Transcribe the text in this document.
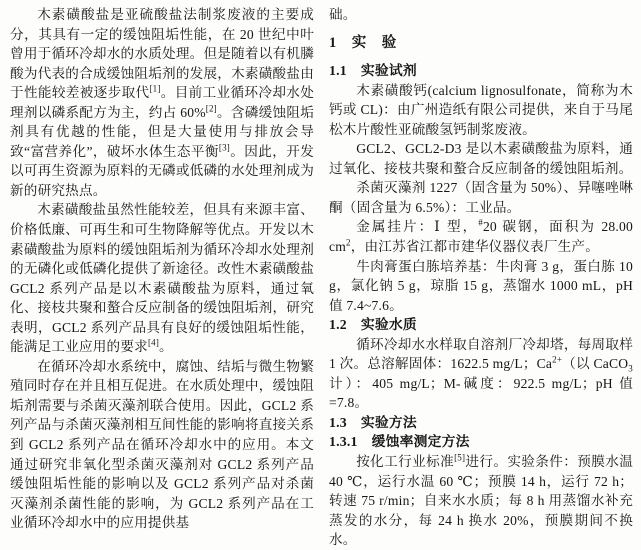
木素磺酸盐是亚硫酸盐法制浆废液的主要成分，其具有一定的缓蚀阻垢性能，在 20 世纪中叶曾用于循环冷却水的水质处理。但是随着以有机膦酸为代表的合成缓蚀阻垢剂的发展，木素磺酸盐由于性能较差被逐步取代[1]。目前工业循环冷却水处理剂以磷系配方为主，约占 60%[2]。含磷缓蚀阻垢剂具有优越的性能，但是大量使用与排放会导致“富营养化”，破坏水体生态平衡[3]。因此，开发以可再生资源为原料的无磷或低磷的水处理剂成为新的研究热点。

木素磺酸盐虽然性能较差，但具有来源丰富、价格低廉、可再生和可生物降解等优点。开发以木素磺酸盐为原料的缓蚀阻垢剂为循环冷却水处理剂的无磷化或低磷化提供了新途径。改性木素磺酸盐 GCL2 系列产品是以木素磺酸盐为原料，通过氧化、接枝共聚和螯合反应制备的缓蚀阻垢剂，研究表明，GCL2 系列产品具有良好的缓蚀阻垢性能，能满足工业应用的要求[4]。

在循环冷却水系统中，腐蚀、结垢与微生物繁殖同时存在并且相互促进。在水质处理中，缓蚀阻垢剂需要与杀菌灭藻剂联合使用。因此，GCL2 系列产品与杀菌灭藻剂相互间性能的影响将直接关系到 GCL2 系列产品在循环冷却水中的应用。本文通过研究非氧化型杀菌灭藻剂对 GCL2 系列产品缓蚀阻垢性能的影响以及 GCL2 系列产品对杀菌灭藻剂杀菌性能的影响，为 GCL2 系列产品在工业循环冷却水中的应用提供基

础。

1　实　验
1.1　实验试剂

木素磺酸钙(calcium lignosulfonate，简称为木钙或 CL)：由广州造纸有限公司提供，来自于马尾松木片酸性亚硫酸氢钙制浆废液。

GCL2、GCL2-D3 是以木素磺酸盐为原料，通过氧化、接枝共聚和螯合反应制备的缓蚀阻垢剂。

杀菌灭藻剂 1227（固含量为 50%）、异噻唑啉酮（固含量为 6.5%）：工业品。

金属挂片：Ⅰ 型，#20 碳钢，面积为 28.00 $cm^2$，由江苏省江都市建华仪器仪表厂生产。

牛肉膏蛋白胨培养基：牛肉膏 3 g，蛋白胨 10 g，氯化钠 5 g，琼脂 15 g，蒸馏水 1000 mL，pH 值 7.4~7.6。

1.2　实验水质

循环冷却水水样取自溶剂厂冷却塔，每周取样 1 次。总溶解固体：1622.5 mg/L；$Ca^{2+}$（以 CaCO$_3$ 计）：405 mg/L；M-碱度：922.5 mg/L；pH 值=7.8。

1.3　实验方法
1.3.1　缓蚀率测定方法

按化工行业标准[5]进行。实验条件：预膜水温 40 ℃，运行水温 60 ℃；预膜 14 h，运行 72 h；转速 75 r/min；自来水水质；每 8 h 用蒸馏水补充蒸发的水分，每 24 h 换水 20%，预膜期间不换水。
